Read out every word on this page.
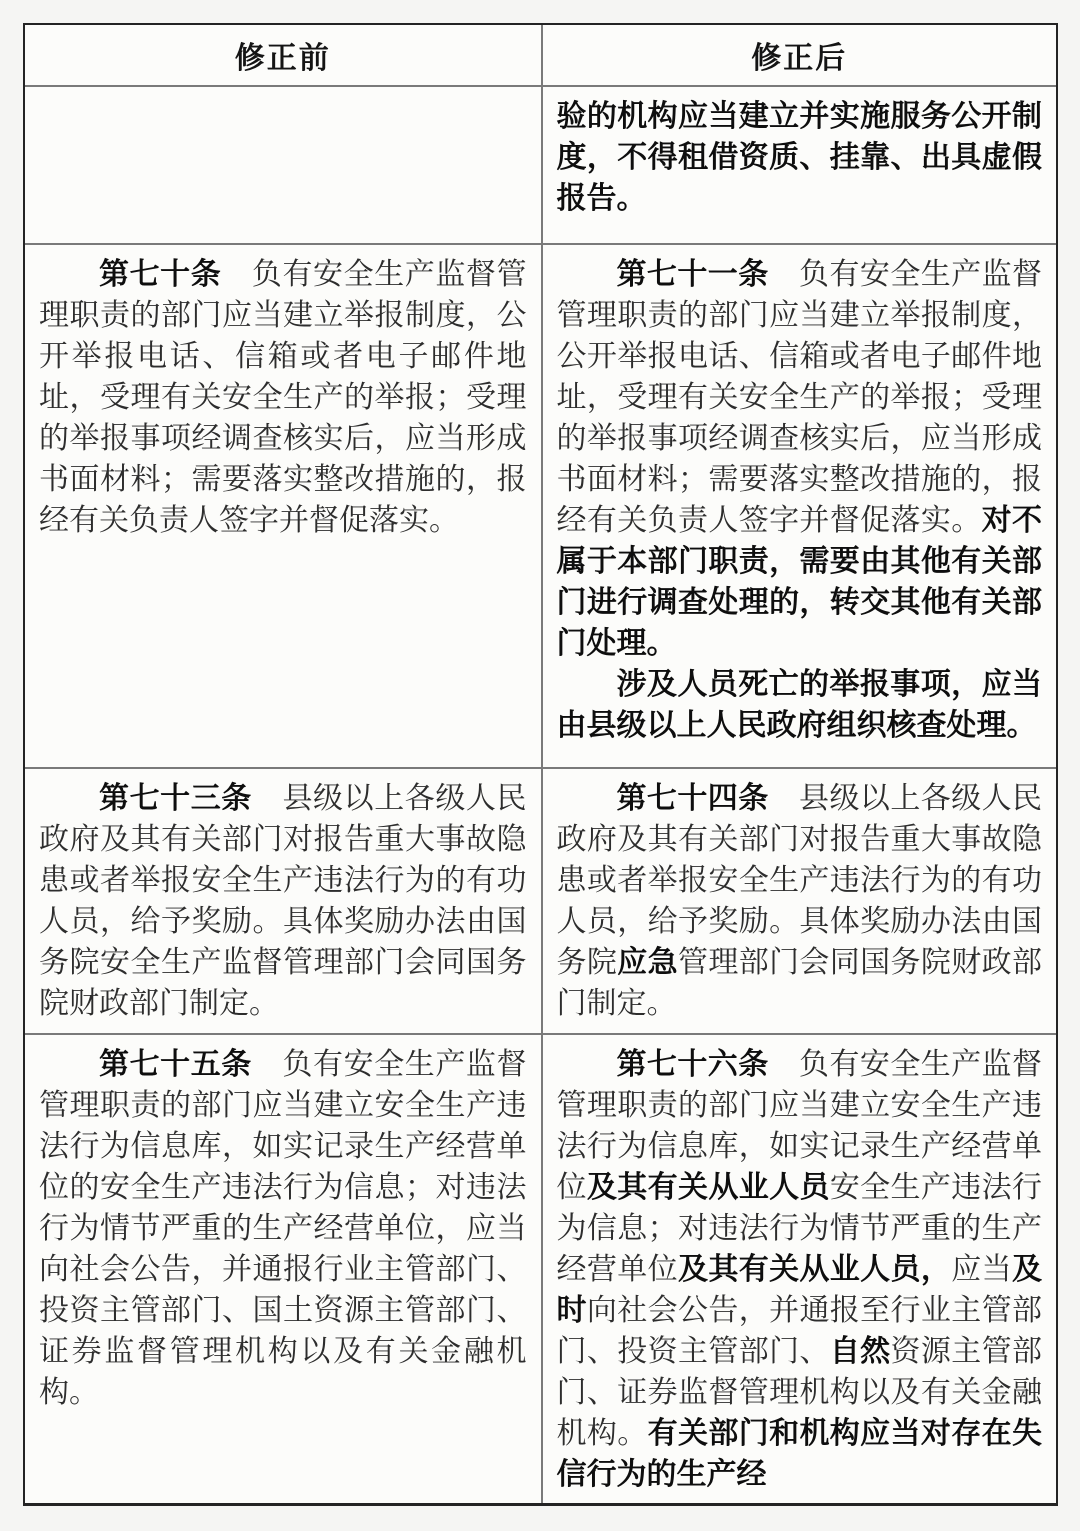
修正前	修正后

验的机构应当建立并实施服务公开制度，不得租借资质、挂靠、出具虚假报告。

第七十条　负有安全生产监督管理职责的部门应当建立举报制度，公开举报电话、信箱或者电子邮件地址，受理有关安全生产的举报；受理的举报事项经调查核实后，应当形成书面材料；需要落实整改措施的，报经有关负责人签字并督促落实。

第七十一条　负有安全生产监督管理职责的部门应当建立举报制度，公开举报电话、信箱或者电子邮件地址，受理有关安全生产的举报；受理的举报事项经调查核实后，应当形成书面材料；需要落实整改措施的，报经有关负责人签字并督促落实。对不属于本部门职责，需要由其他有关部门进行调查处理的，转交其他有关部门处理。

涉及人员死亡的举报事项，应当由县级以上人民政府组织核查处理。

第七十三条　县级以上各级人民政府及其有关部门对报告重大事故隐患或者举报安全生产违法行为的有功人员，给予奖励。具体奖励办法由国务院安全生产监督管理部门会同国务院财政部门制定。

第七十四条　县级以上各级人民政府及其有关部门对报告重大事故隐患或者举报安全生产违法行为的有功人员，给予奖励。具体奖励办法由国务院应急管理部门会同国务院财政部门制定。

第七十五条　负有安全生产监督管理职责的部门应当建立安全生产违法行为信息库，如实记录生产经营单位的安全生产违法行为信息；对违法行为情节严重的生产经营单位，应当向社会公告，并通报行业主管部门、投资主管部门、国土资源主管部门、证券监督管理机构以及有关金融机构。

第七十六条　负有安全生产监督管理职责的部门应当建立安全生产违法行为信息库，如实记录生产经营单位及其有关从业人员安全生产违法行为信息；对违法行为情节严重的生产经营单位及其有关从业人员，应当及时向社会公告，并通报至行业主管部门、投资主管部门、自然资源主管部门、证券监督管理机构以及有关金融机构。有关部门和机构应当对存在失信行为的生产经
